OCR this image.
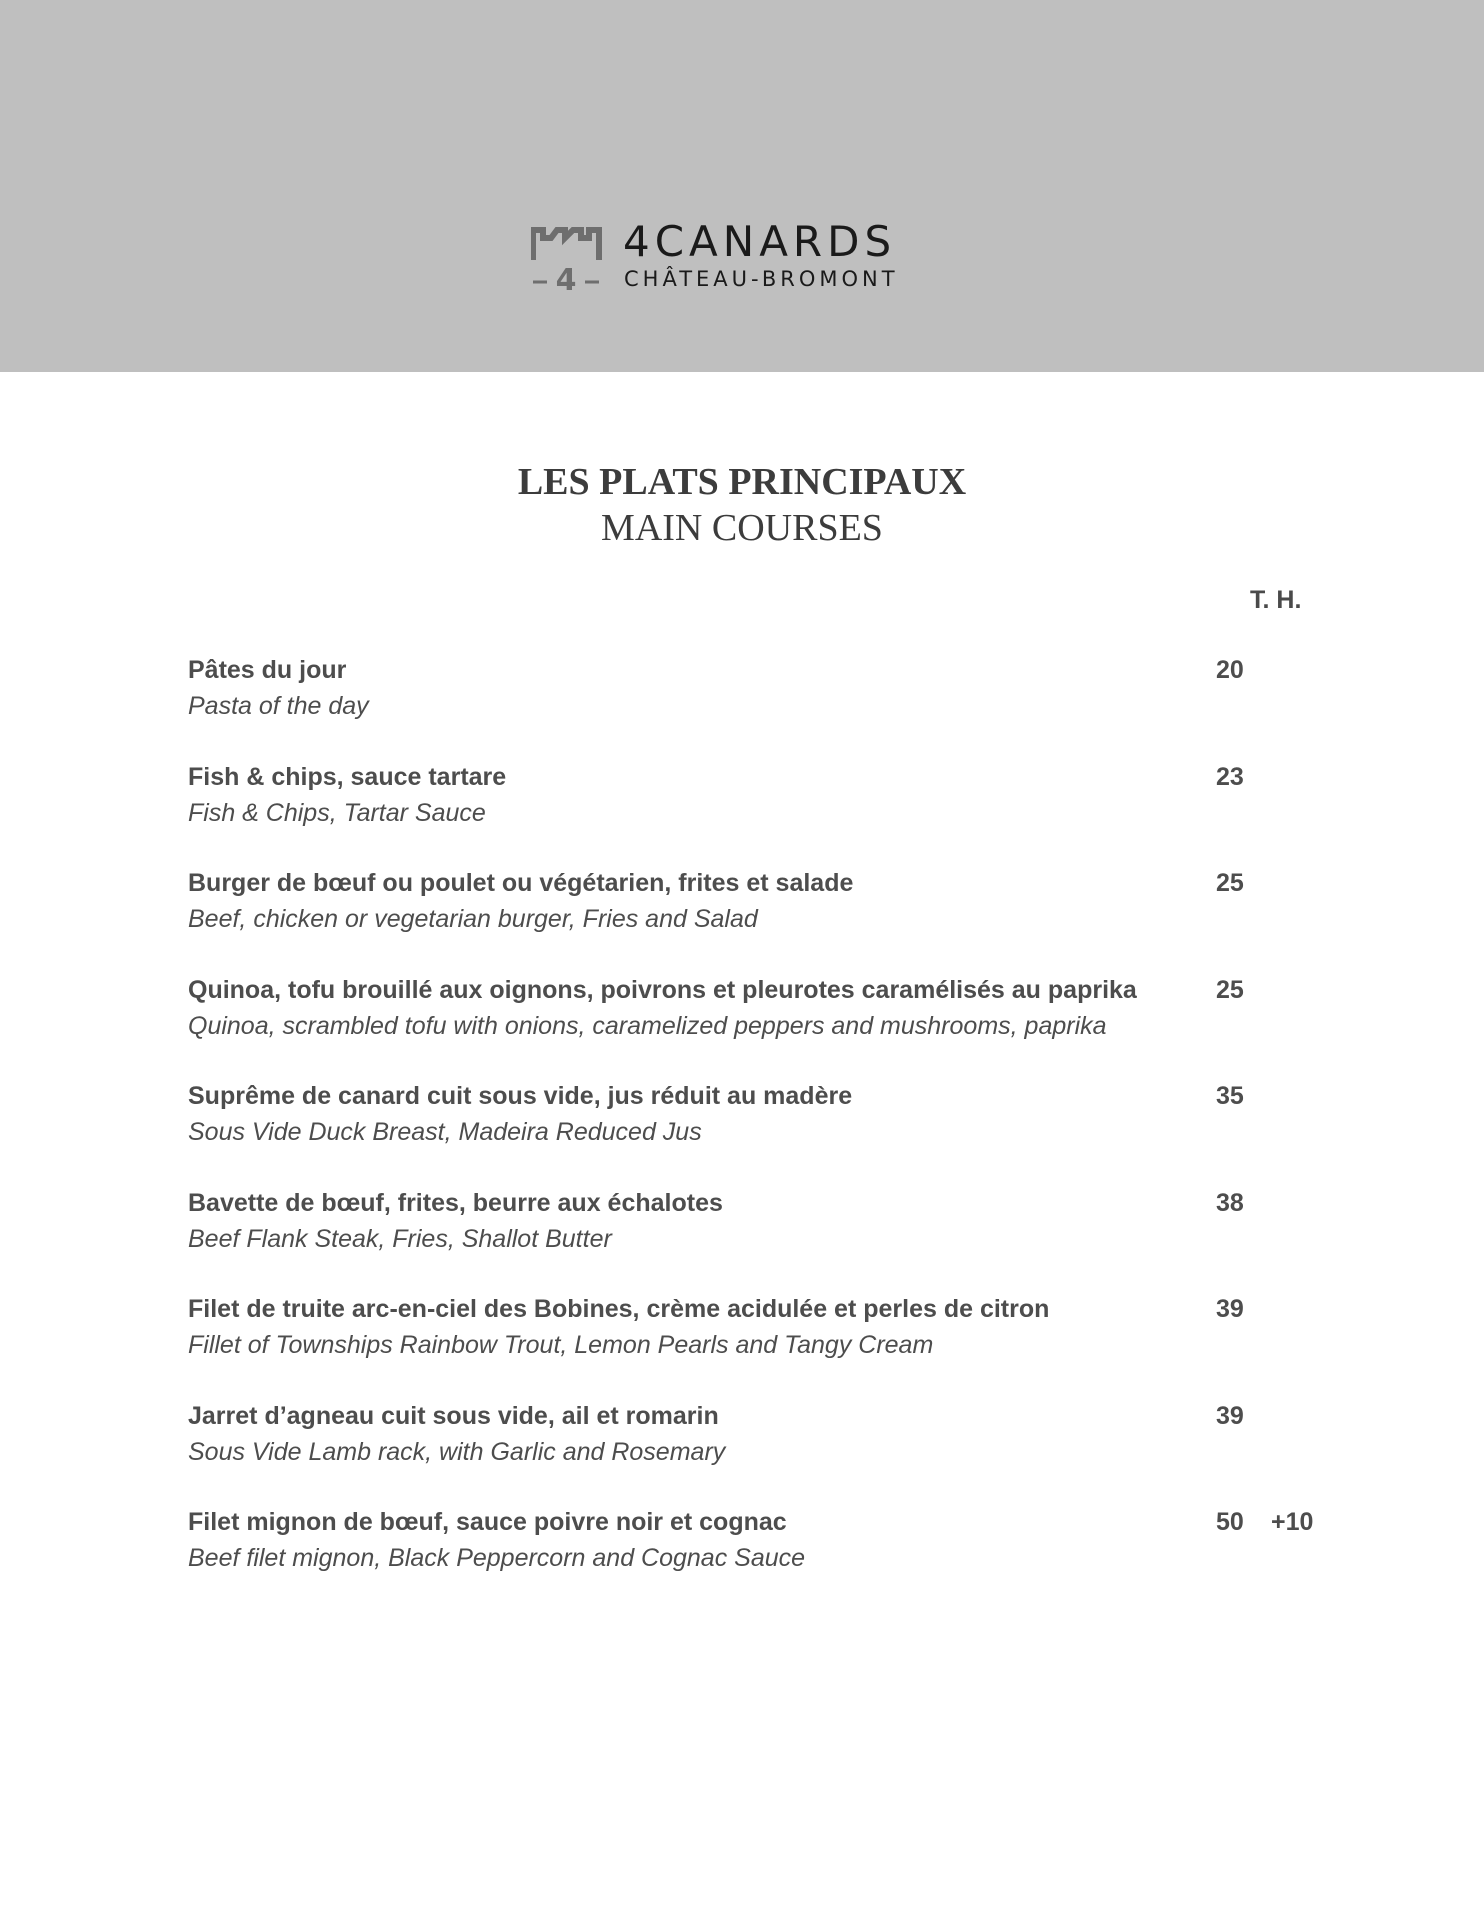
4
4CANARDS
CHÂTEAU-BROMONT
LES PLATS PRINCIPAUX
MAIN COURSES
T. H.
Pâtes du jour
Pasta of the day
20
Fish & chips, sauce tartare
Fish & Chips, Tartar Sauce
23
Burger de bœuf ou poulet ou végétarien, frites et salade
Beef, chicken or vegetarian burger, Fries and Salad
25
Quinoa, tofu brouillé aux oignons, poivrons et pleurotes caramélisés au paprika
Quinoa, scrambled tofu with onions, caramelized peppers and mushrooms, paprika
25
Suprême de canard cuit sous vide, jus réduit au madère
Sous Vide Duck Breast, Madeira Reduced Jus
35
Bavette de bœuf, frites, beurre aux échalotes
Beef Flank Steak, Fries, Shallot Butter
38
Filet de truite arc-en-ciel des Bobines, crème acidulée et perles de citron
Fillet of Townships Rainbow Trout, Lemon Pearls and Tangy Cream
39
Jarret d’agneau cuit sous vide, ail et romarin
Sous Vide Lamb rack, with Garlic and Rosemary
39
Filet mignon de bœuf, sauce poivre noir et cognac
Beef filet mignon, Black Peppercorn and Cognac Sauce
50 +10
